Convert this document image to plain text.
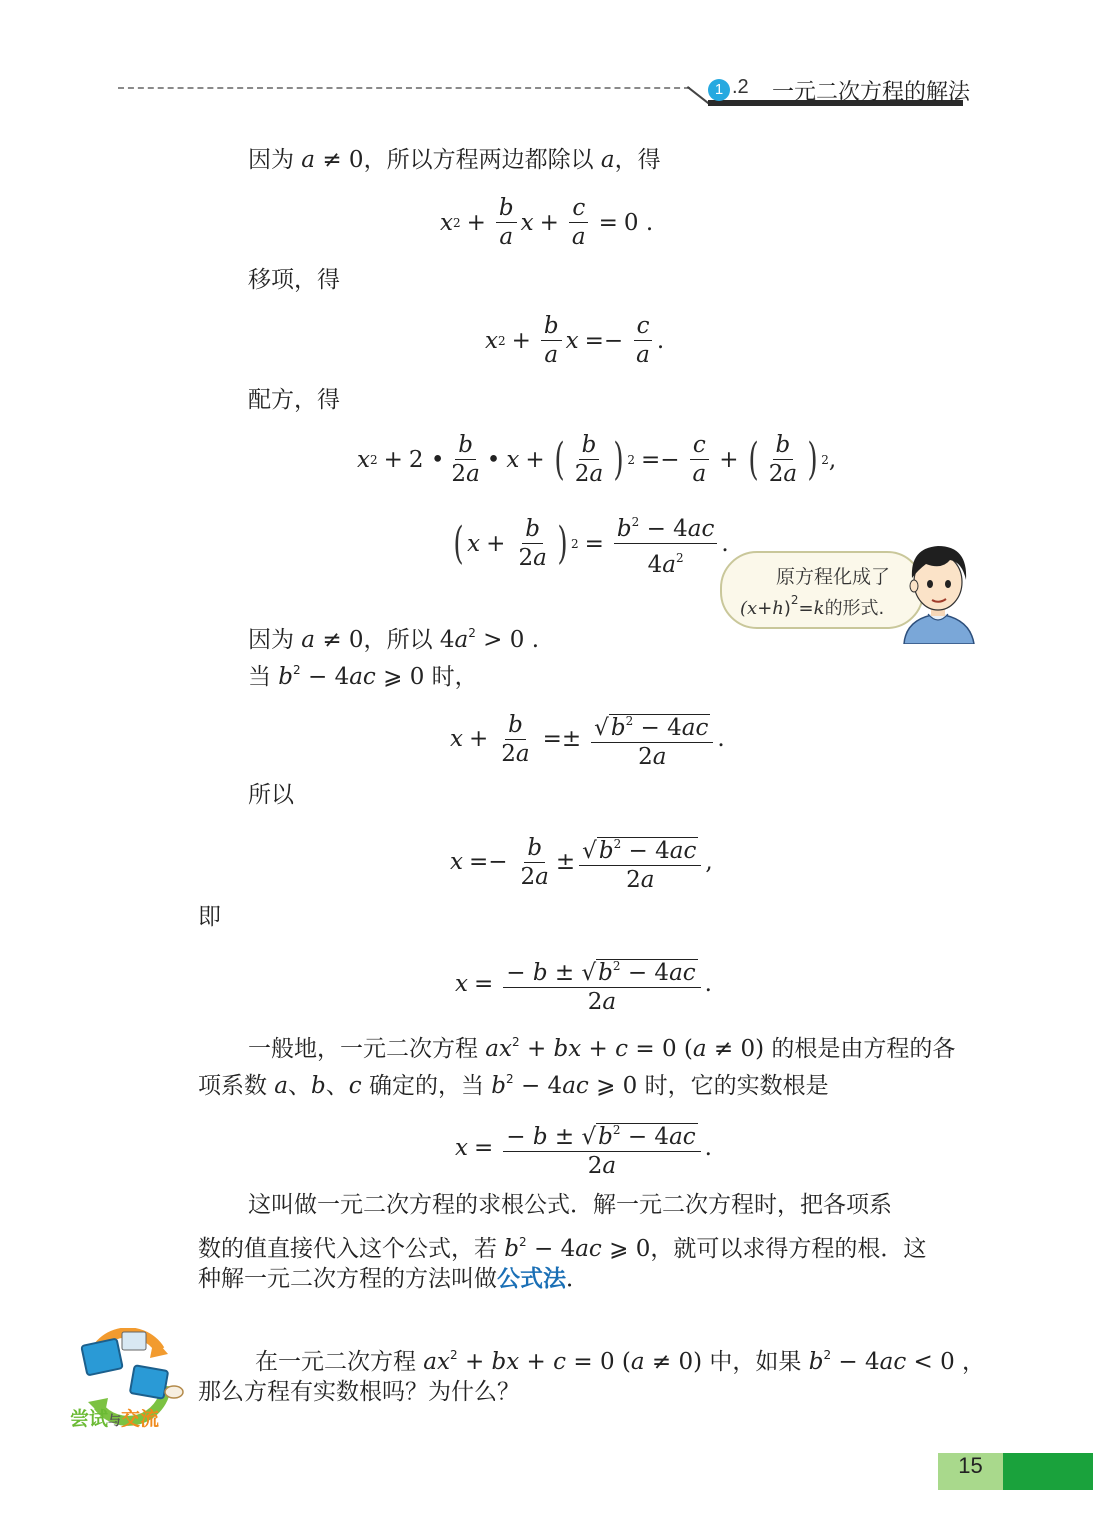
1 .2 一元二次方程的解法
因为 a ≠ 0，所以方程两边都除以 a，得
x $2 + \frac{b}{a}$ $x + \frac{c}{a} = 0$ .
移项，得
x $2 + \frac{b}{a}$ $x =- \frac{c}{a}$ .
配方，得
x 2 + 2 • $\frac{b}{2a}$ • x + ( $\frac{b}{2a}$ ) $2 =- \frac{c}{a}$ + ( $\frac{b}{2a}$ ) 2 ,
( $x + \frac{b}{2a}$ ) $2 = \frac{b^2 - 4ac}{4a^2}$ .
原方程化成了
$(x+h)^2=k$的形式.
因为 a ≠ 0，所以 $4a^2 > 0$ .
当 $b^2 - 4ac$ ⩾ 0 时，
$x + \frac{b}{2a} =\pm \frac{√b^2 - 4ac}{2a}$ .
所以
$x =- \frac{b}{2a} \pm \frac{√b^2 - 4ac}{2a}$ ,
即
$x = \frac{- b \pm √b^2 - 4ac}{2a}$ .
一般地，一元二次方程 $ax^2$ + bx + c = 0 (a ≠ 0) 的根是由方程的各
项系数 a、b、c 确定的，当 $b^2 - 4ac$ ⩾ 0 时，它的实数根是
$x = \frac{- b \pm √b^2 - 4ac}{2a}$ .
这叫做一元二次方程的求根公式．解一元二次方程时，把各项系
数的值直接代入这个公式，若 $b^2 - 4ac$ ⩾ 0，就可以求得方程的根．这
种解一元二次方程的方法叫做公式法．
尝试与交流
在一元二次方程 $ax^2$ + bx + c = 0 (a ≠ 0) 中，如果 $b^2 - 4ac < 0$ ，
那么方程有实数根吗？为什么？
15
